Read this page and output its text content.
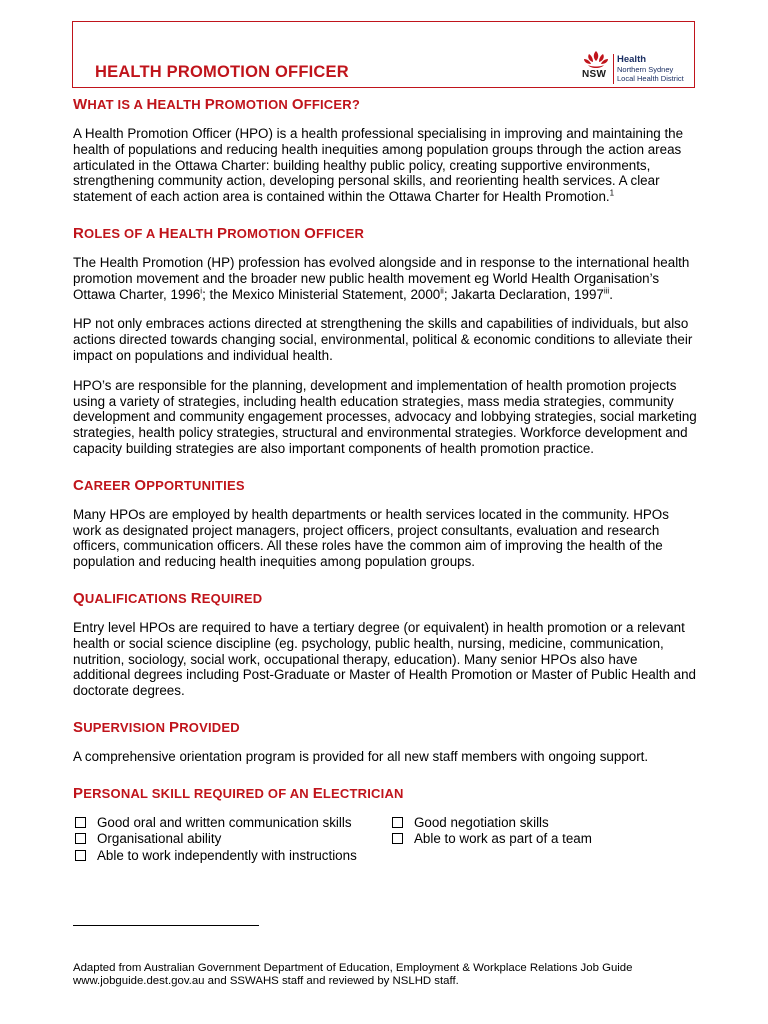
HEALTH PROMOTION OFFICER	NSW
Health
Northern Sydney
Local Health District
WHAT IS A HEALTH PROMOTION OFFICER?

A Health Promotion Officer (HPO) is a health professional specialising in improving and maintaining the health of populations and reducing health inequities among population groups through the action areas articulated in the Ottawa Charter: building healthy public policy, creating supportive environments, strengthening community action, developing personal skills, and reorienting health services. A clear statement of each action area is contained within the Ottawa Charter for Health Promotion.$^1$

ROLES OF A HEALTH PROMOTION OFFICER

The Health Promotion (HP) profession has evolved alongside and in response to the international health promotion movement and the broader new public health movement eg World Health Organisation’s Ottawa Charter, 1996$^i$; the Mexico Ministerial Statement, 2000$^{ii}$; Jakarta Declaration, 1997$^{iii}$.

HP not only embraces actions directed at strengthening the skills and capabilities of individuals, but also actions directed towards changing social, environmental, political & economic conditions to alleviate their impact on populations and individual health.

HPO’s are responsible for the planning, development and implementation of health promotion projects using a variety of strategies, including health education strategies, mass media strategies, community development and community engagement processes, advocacy and lobbying strategies, social marketing strategies, health policy strategies, structural and environmental strategies. Workforce development and capacity building strategies are also important components of health promotion practice.

CAREER OPPORTUNITIES

Many HPOs are employed by health departments or health services located in the community. HPOs work as designated project managers, project officers, project consultants, evaluation and research officers, communication officers. All these roles have the common aim of improving the health of the population and reducing health inequities among population groups.

QUALIFICATIONS REQUIRED

Entry level HPOs are required to have a tertiary degree (or equivalent) in health promotion or a relevant health or social science discipline (eg. psychology, public health, nursing, medicine, communication, nutrition, sociology, social work, occupational therapy, education). Many senior HPOs also have additional degrees including Post-Graduate or Master of Health Promotion or Master of Public Health and doctorate degrees.

SUPERVISION PROVIDED

A comprehensive orientation program is provided for all new staff members with ongoing support.

PERSONAL SKILL REQUIRED OF AN ELECTRICIAN
Good oral and written communication skills
Organisational ability
Able to work independently with instructions
Good negotiation skills
Able to work as part of a team
Adapted from Australian Government Department of Education, Employment & Workplace Relations Job Guide www.jobguide.dest.gov.au and SSWAHS staff and reviewed by NSLHD staff.
